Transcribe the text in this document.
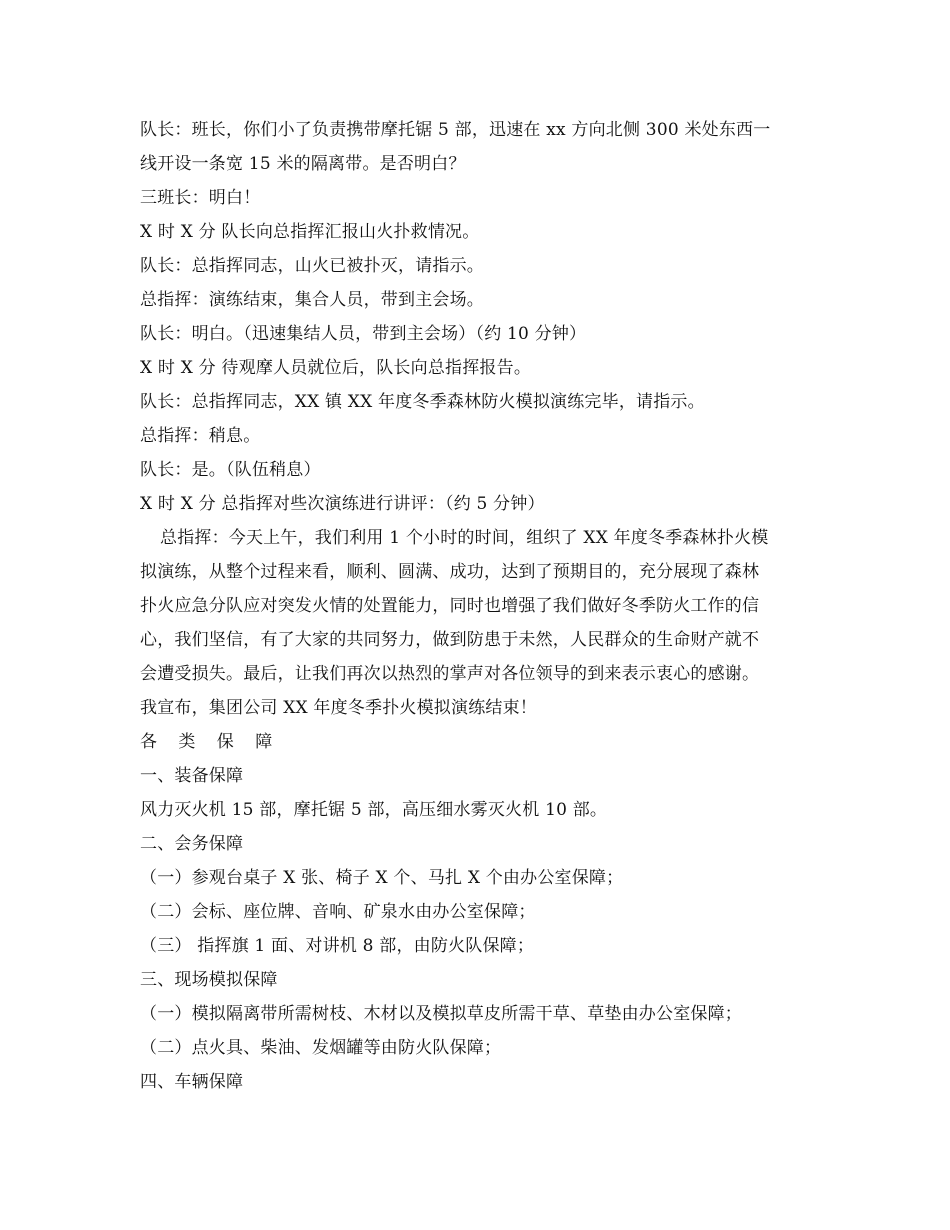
队长：班长，你们小了负责携带摩托锯 5 部，迅速在 xx 方向北侧 300 米处东西一
线开设一条宽 15 米的隔离带。是否明白？
三班长：明白！
X 时 X 分 队长向总指挥汇报山火扑救情况。
队长：总指挥同志，山火已被扑灭，请指示。
总指挥：演练结束，集合人员，带到主会场。
队长：明白。（迅速集结人员，带到主会场）（约 10 分钟）
X 时 X 分 待观摩人员就位后，队长向总指挥报告。
队长：总指挥同志，XX 镇 XX 年度冬季森林防火模拟演练完毕，请指示。
总指挥：稍息。
队长：是。（队伍稍息）
X 时 X 分 总指挥对些次演练进行讲评：（约 5 分钟）
总指挥：今天上午，我们利用 1 个小时的时间，组织了 XX 年度冬季森林扑火模
拟演练，从整个过程来看，顺利、圆满、成功，达到了预期目的，充分展现了森林
扑火应急分队应对突发火情的处置能力，同时也增强了我们做好冬季防火工作的信
心，我们坚信，有了大家的共同努力，做到防患于未然，人民群众的生命财产就不
会遭受损失。最后，让我们再次以热烈的掌声对各位领导的到来表示衷心的感谢。
我宣布，集团公司 XX 年度冬季扑火模拟演练结束！
各 类 保 障
一、装备保障
风力灭火机 15 部，摩托锯 5 部，高压细水雾灭火机 10 部。
二、会务保障
（一）参观台桌子 X 张、椅子 X 个、马扎 X 个由办公室保障；
（二）会标、座位牌、音响、矿泉水由办公室保障；
（三） 指挥旗 1 面、对讲机 8 部，由防火队保障；
三、现场模拟保障
（一）模拟隔离带所需树枝、木材以及模拟草皮所需干草、草垫由办公室保障；
（二）点火具、柴油、发烟罐等由防火队保障；
四、车辆保障
